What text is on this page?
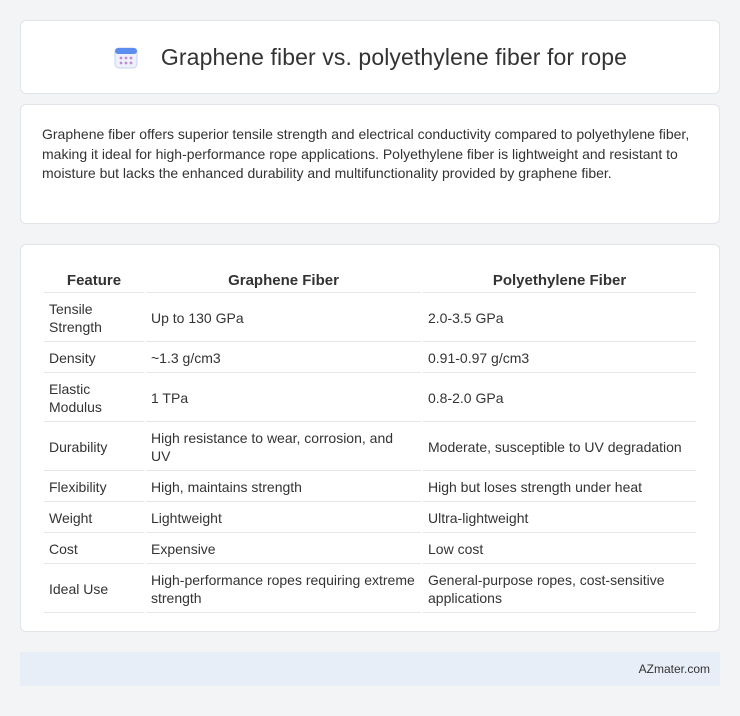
Graphene fiber vs. polyethylene fiber for rope

Graphene fiber offers superior tensile strength and electrical conductivity compared to polyethylene fiber, making it ideal for high-performance rope applications. Polyethylene fiber is lightweight and resistant to moisture but lacks the enhanced durability and multifunctionality provided by graphene fiber.

Feature	Graphene Fiber	Polyethylene Fiber
Tensile Strength	Up to 130 GPa	2.0-3.5 GPa
Density	~1.3 g/cm3	0.91-0.97 g/cm3
Elastic Modulus	1 TPa	0.8-2.0 GPa
Durability	High resistance to wear, corrosion, and UV	Moderate, susceptible to UV degradation
Flexibility	High, maintains strength	High but loses strength under heat
Weight	Lightweight	Ultra-lightweight
Cost	Expensive	Low cost
Ideal Use	High-performance ropes requiring extreme strength	General-purpose ropes, cost-sensitive applications
AZmater.com
